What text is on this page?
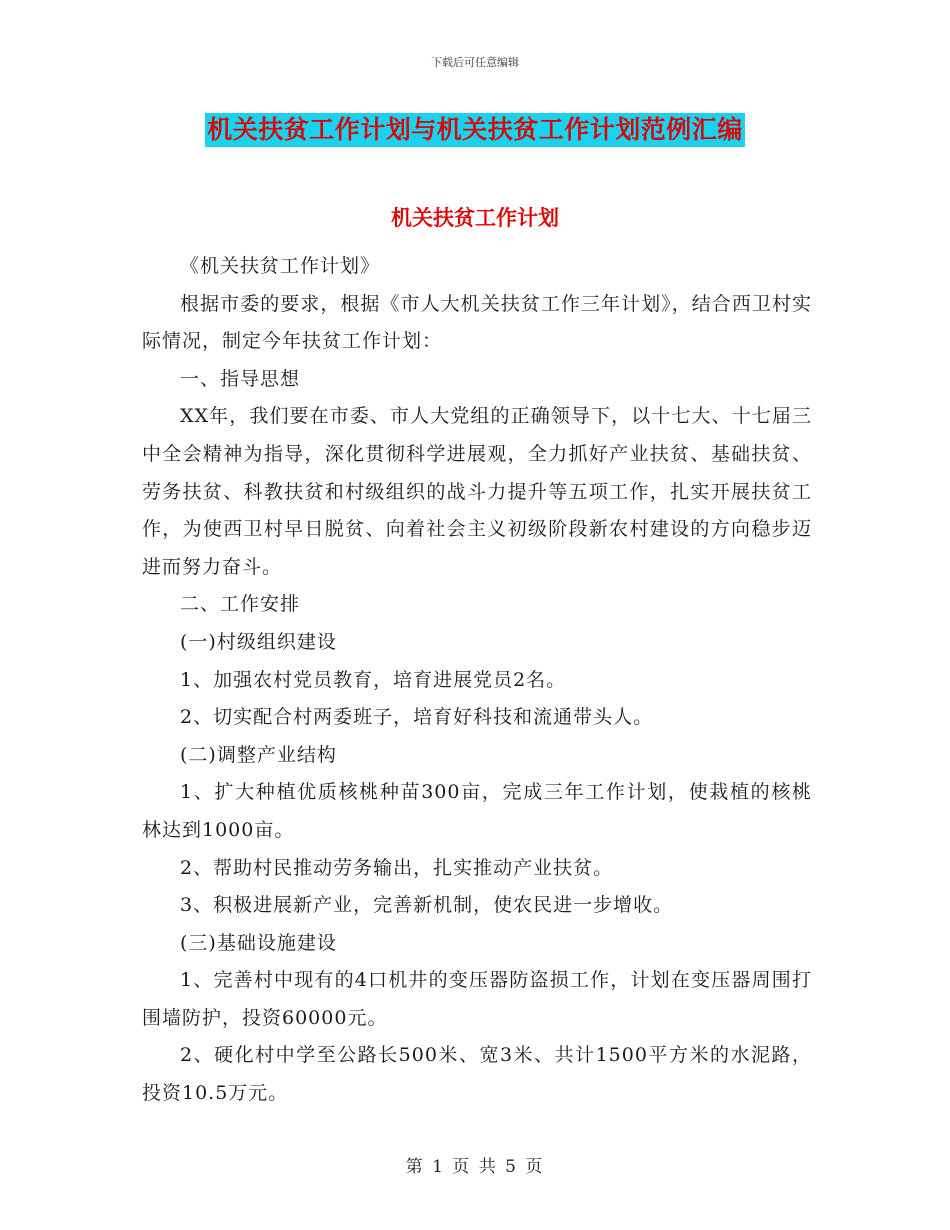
下载后可任意编辑
机关扶贫工作计划与机关扶贫工作计划范例汇编
机关扶贫工作计划

《机关扶贫工作计划》

根据市委的要求，根据《市人大机关扶贫工作三年计划》，结合西卫村实际情况，制定今年扶贫工作计划：

一、指导思想

XX年，我们要在市委、市人大党组的正确领导下，以十七大、十七届三中全会精神为指导，深化贯彻科学进展观，全力抓好产业扶贫、基础扶贫、劳务扶贫、科教扶贫和村级组织的战斗力提升等五项工作，扎实开展扶贫工作，为使西卫村早日脱贫、向着社会主义初级阶段新农村建设的方向稳步迈进而努力奋斗。

二、工作安排

(一)村级组织建设

1、加强农村党员教育，培育进展党员2名。

2、切实配合村两委班子，培育好科技和流通带头人。

(二)调整产业结构

1、扩大种植优质核桃种苗300亩，完成三年工作计划，使栽植的核桃林达到1000亩。

2、帮助村民推动劳务输出，扎实推动产业扶贫。

3、积极进展新产业，完善新机制，使农民进一步增收。

(三)基础设施建设

1、完善村中现有的4口机井的变压器防盗损工作，计划在变压器周围打围墙防护，投资60000元。

2、硬化村中学至公路长500米、宽3米、共计1500平方米的水泥路，投资10.5万元。

第 1 页 共 5 页
